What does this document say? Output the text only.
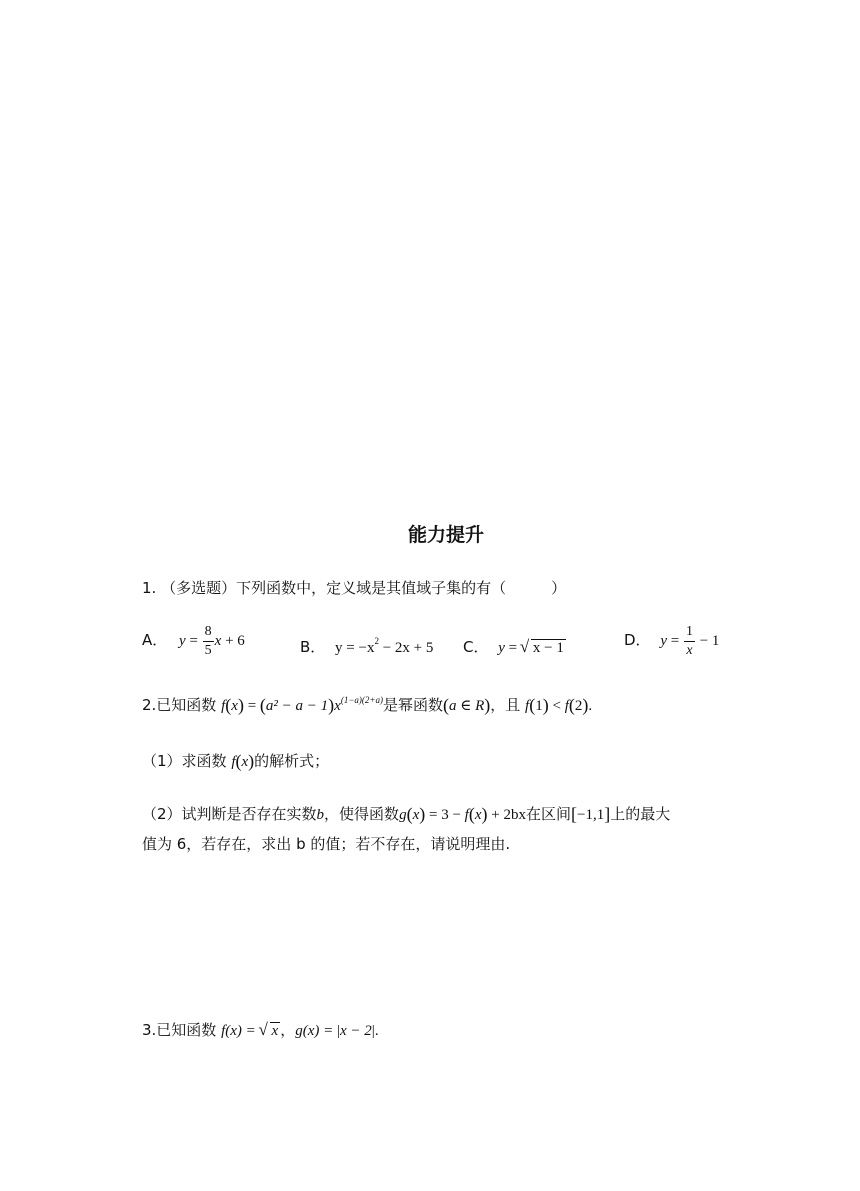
能力提升
1. （多选题）下列函数中，定义域是其值域子集的有（　　　）
A． $y = \frac{8}{5}$ x + 6	B． $y = -x^2 - 2x + 5$ C． y = √ x − 1	D． $y = \frac{1}{x} - 1$
2.已知函数 $f(x) = (a^2 - a - 1)x^{(1-a)(2+a)}$是幂函数(a ∈ R)，且 f(1) < f(2).
（1）求函数 f(x)的解析式；
（2）试判断是否存在实数b，使得函数g(x) = 3 − f(x) + 2bx在区间[−1,1]上的最大
值为 6，若存在，求出 b 的值；若不存在，请说明理由.
3.已知函数 f(x) = √ x ，g(x) = |x − 2|.
